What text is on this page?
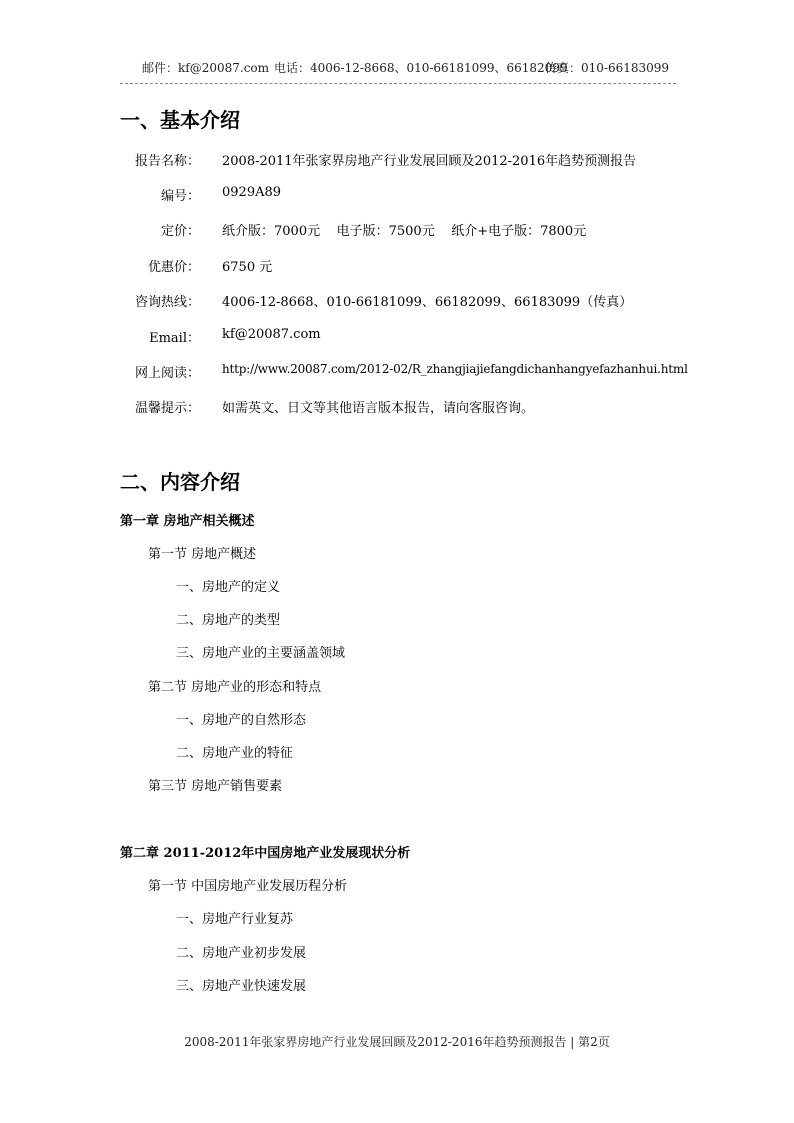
邮件：kf@20087.com 电话：4006-12-8668、010-66181099、66182099
传真：010-66183099
一、基本介绍
报告名称： 2008-2011年张家界房地产行业发展回顾及2012-2016年趋势预测报告
编号： 0929A89
定价： 纸介版：7000元    电子版：7500元    纸介+电子版：7800元
优惠价： 6750 元
咨询热线： 4006-12-8668、010-66181099、66182099、66183099（传真）
Email： kf@20087.com
网上阅读： http://www.20087.com/2012-02/R_zhangjiajiefangdichanhangyefazhanhui.html
温馨提示： 如需英文、日文等其他语言版本报告，请向客服咨询。
二、内容介绍
第一章 房地产相关概述
第一节 房地产概述
一、房地产的定义
二、房地产的类型
三、房地产业的主要涵盖领域
第二节 房地产业的形态和特点
一、房地产的自然形态
二、房地产业的特征
第三节 房地产销售要素
第二章 2011-2012年中国房地产业发展现状分析
第一节 中国房地产业发展历程分析
一、房地产行业复苏
二、房地产业初步发展
三、房地产业快速发展
2008-2011年张家界房地产行业发展回顾及2012-2016年趋势预测报告 | 第2页
